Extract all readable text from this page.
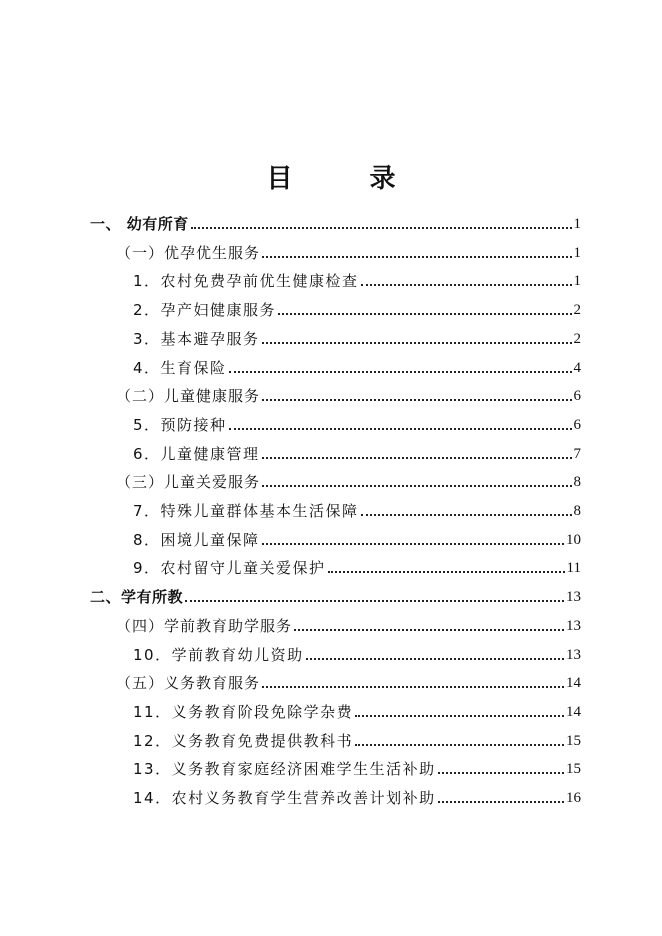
目 录
一、 幼有所育	1
（一）优孕优生服务	1
1．农村免费孕前优生健康检查	1
2．孕产妇健康服务	2
3．基本避孕服务	2
4．生育保险	4
（二）儿童健康服务	6
5．预防接种	6
6．儿童健康管理	7
（三）儿童关爱服务	8
7．特殊儿童群体基本生活保障	8
8．困境儿童保障	10
9．农村留守儿童关爱保护	11
二、学有所教	13
（四）学前教育助学服务	13
10．学前教育幼儿资助	13
（五）义务教育服务	14
11．义务教育阶段免除学杂费	14
12．义务教育免费提供教科书	15
13．义务教育家庭经济困难学生生活补助	15
14．农村义务教育学生营养改善计划补助	16
